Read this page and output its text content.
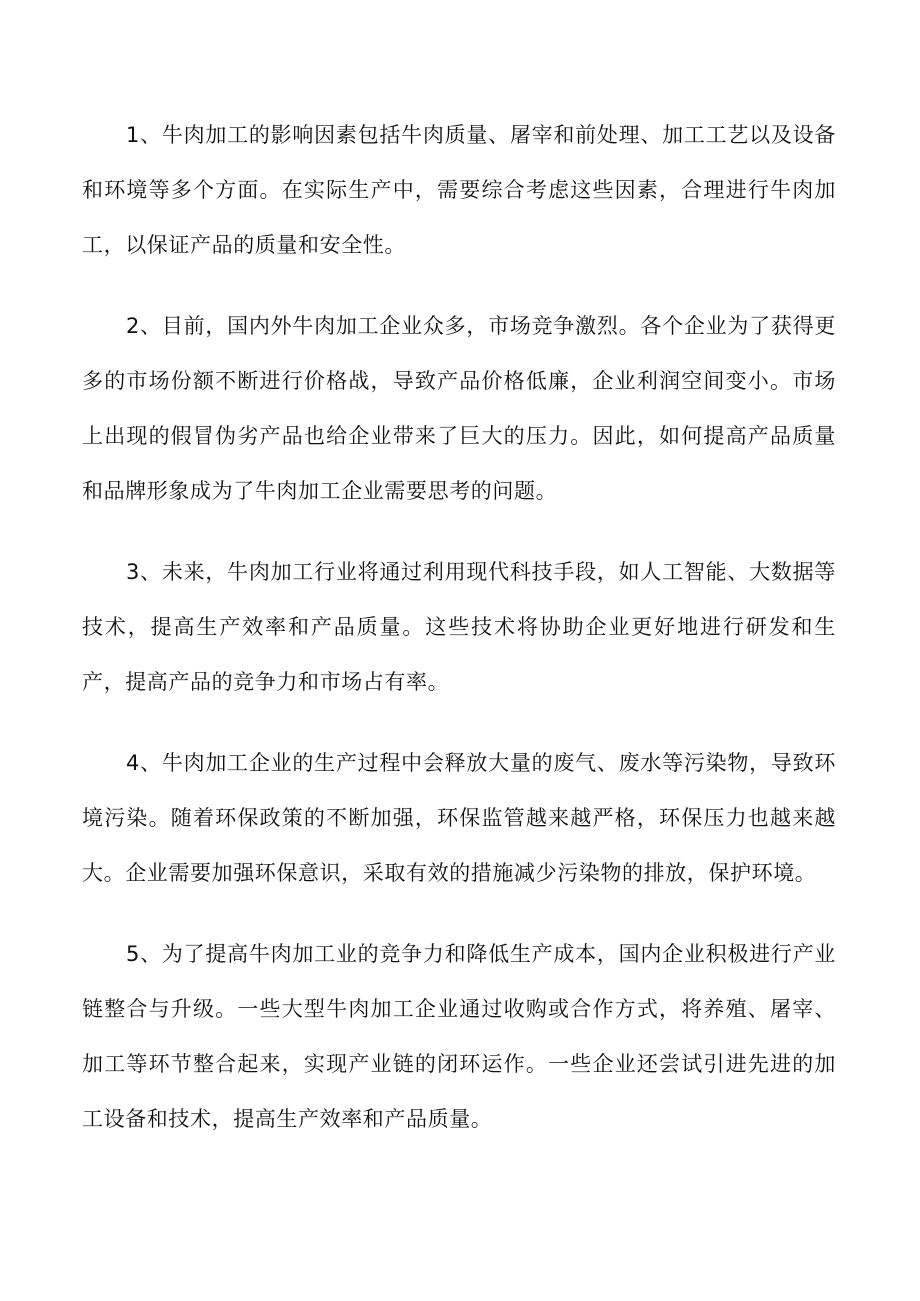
1、牛肉加工的影响因素包括牛肉质量、屠宰和前处理、加工工艺以及设备和环境等多个方面。在实际生产中，需要综合考虑这些因素，合理进行牛肉加工，以保证产品的质量和安全性。

2、目前，国内外牛肉加工企业众多，市场竞争激烈。各个企业为了获得更多的市场份额不断进行价格战，导致产品价格低廉，企业利润空间变小。市场上出现的假冒伪劣产品也给企业带来了巨大的压力。因此，如何提高产品质量和品牌形象成为了牛肉加工企业需要思考的问题。

3、未来，牛肉加工行业将通过利用现代科技手段，如人工智能、大数据等技术，提高生产效率和产品质量。这些技术将协助企业更好地进行研发和生产，提高产品的竞争力和市场占有率。

4、牛肉加工企业的生产过程中会释放大量的废气、废水等污染物，导致环境污染。随着环保政策的不断加强，环保监管越来越严格，环保压力也越来越大。企业需要加强环保意识，采取有效的措施减少污染物的排放，保护环境。

5、为了提高牛肉加工业的竞争力和降低生产成本，国内企业积极进行产业链整合与升级。一些大型牛肉加工企业通过收购或合作方式，将养殖、屠宰、加工等环节整合起来，实现产业链的闭环运作。一些企业还尝试引进先进的加工设备和技术，提高生产效率和产品质量。
